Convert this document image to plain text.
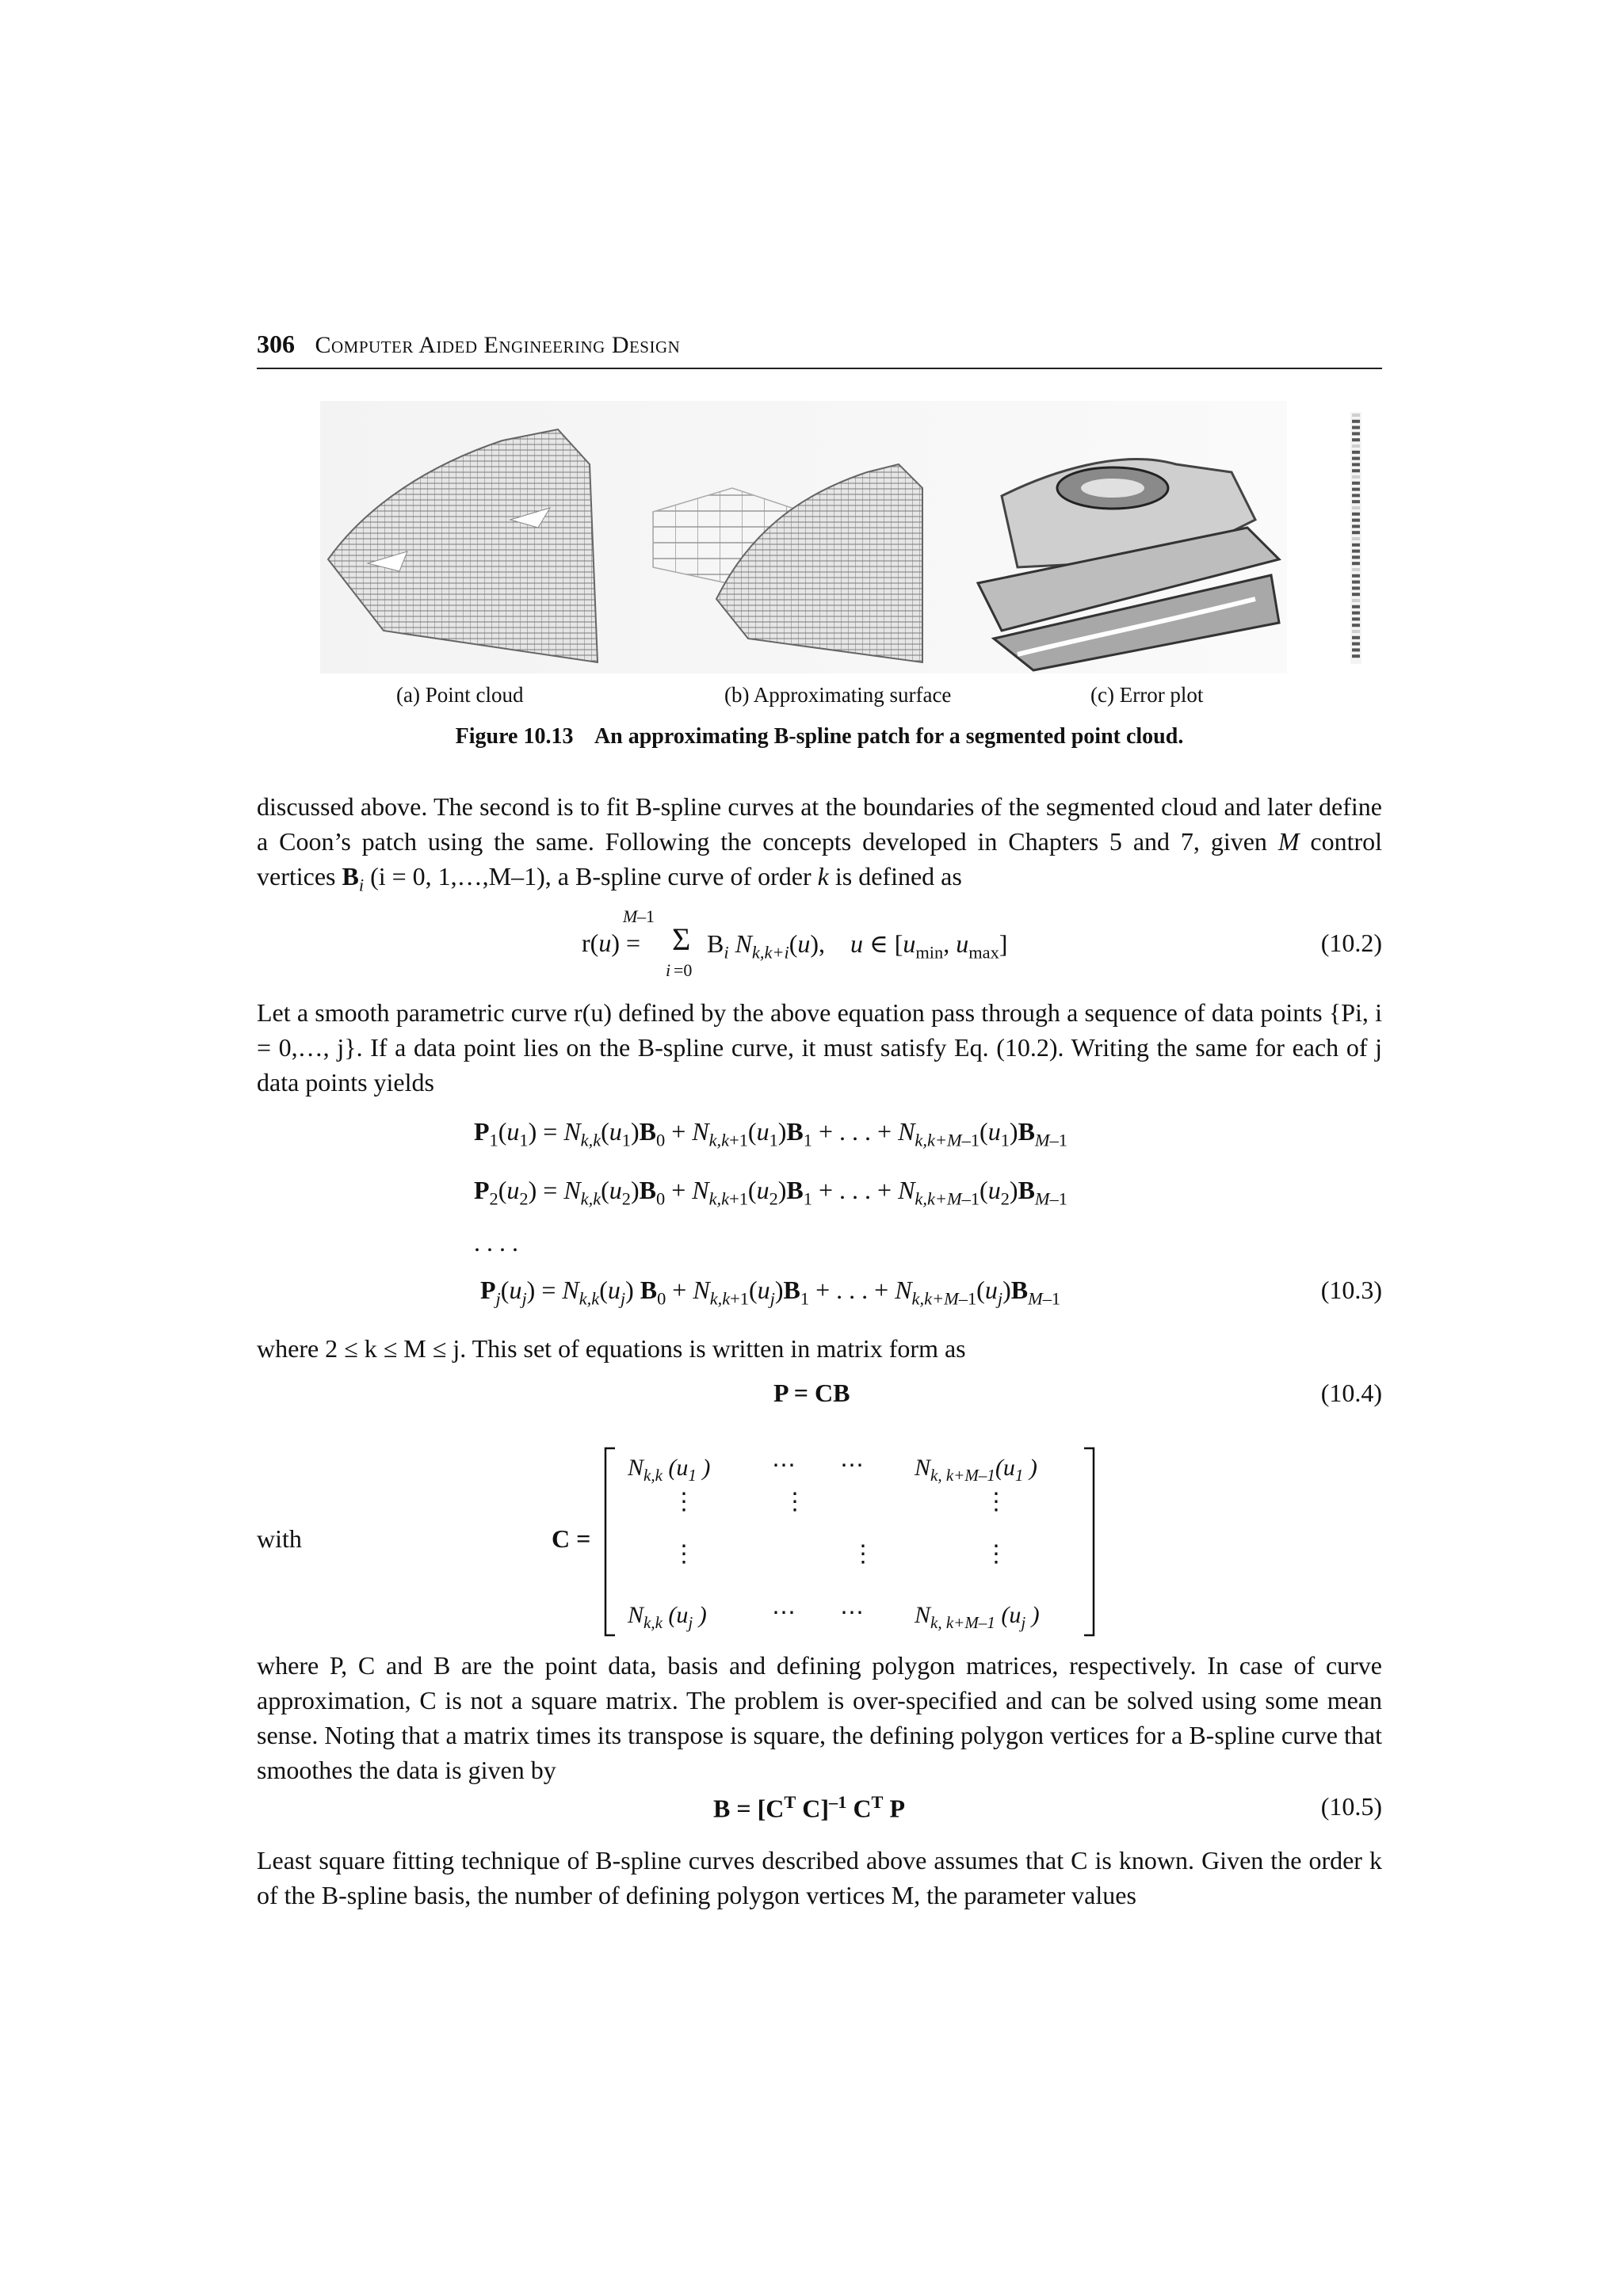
306 Computer Aided Engineering Design
(a) Point cloud	(b) Approximating surface	(c) Error plot
Figure 10.13 An approximating B-spline patch for a segmented point cloud.
discussed above. The second is to fit B-spline curves at the boundaries of the segmented cloud and later define a Coon’s patch using the same. Following the concepts developed in Chapters 5 and 7, given M control vertices $B_i$ (i = 0, 1,…,M–1), a B-spline curve of order k is defined as
M –1
r(u) = Σ
i =0
$B_i$ $N_{k,k+i}(u)$,    u ∈ [$u_{min}$, $u_{max}$]	(10.2)
Let a smooth parametric curve r(u) defined by the above equation pass through a sequence of data points {Pi, i = 0,…, j}. If a data point lies on the B-spline curve, it must satisfy Eq. (10.2). Writing the same for each of j data points yields
$P_1(u_1) = N_{k,k}(u_1)B_0 + N_{k,k+1}(u_1)B_1$ + . . . + $N_{k,k+M-1}(u_1)B_{M-1}$
$P_2(u_2) = N_{k,k}(u_2)B_0 + N_{k,k+1}(u_2)B_1$ + . . . + $N_{k,k+M-1}(u_2)B_{M-1}$
. . . .
$P_j(u_j) = N_{k,k}(u_j) B_0 + N_{k,k+1}(u_j)B_1$ + . . . + $N_{k,k+M-1}(u_j)B_{M-1}$	(10.3)
where 2 ≤ k ≤ M ≤ j. This set of equations is written in matrix form as
P = CB	(10.4)
with	C =
$N_{k,k}$ ($u_1$ )	⋯ ⋯ $N_{k, k+M-1}(u_1$ )
⋮	⋮	⋮
⋮	⋮	⋮
$N_{k,k}$ ($u_j$ )	⋯ ⋯ $N_{k, k+M-1}$ ($u_j$ )
where P, C and B are the point data, basis and defining polygon matrices, respectively. In case of curve approximation, C is not a square matrix. The problem is over-specified and can be solved using some mean sense. Noting that a matrix times its transpose is square, the defining polygon vertices for a B-spline curve that smoothes the data is given by
$B = [C^T$ C]$^{-1}$ $C^T$ P	(10.5)
Least square fitting technique of B-spline curves described above assumes that C is known. Given the order k of the B-spline basis, the number of defining polygon vertices M, the parameter values
